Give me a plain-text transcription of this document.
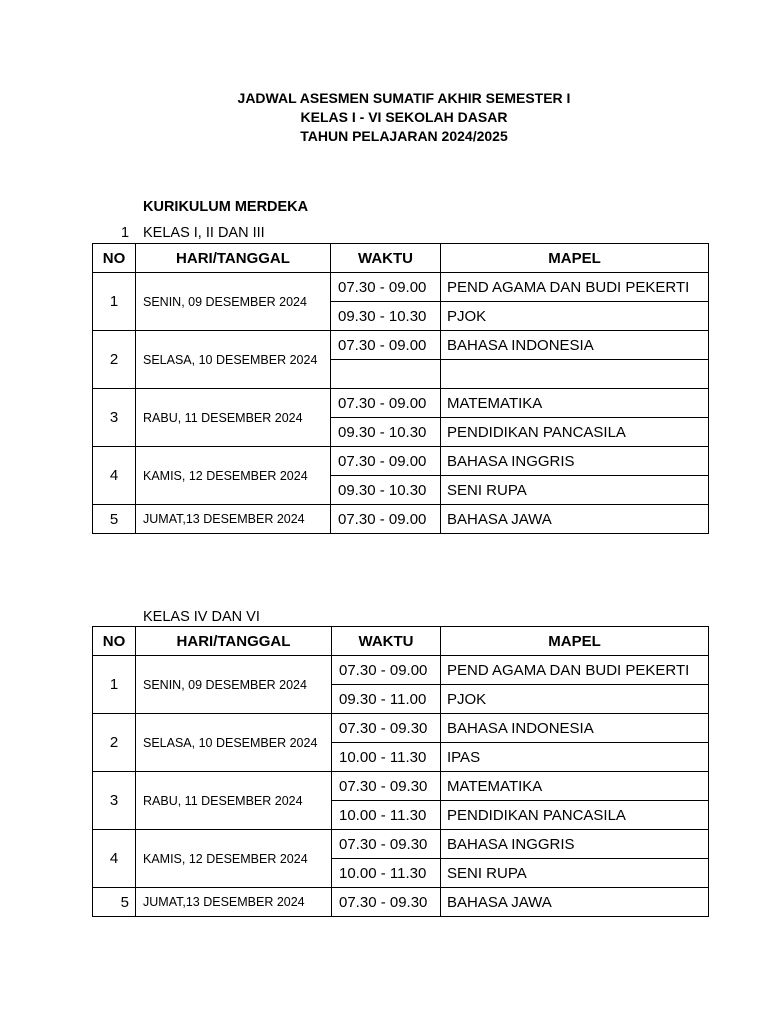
JADWAL ASESMEN SUMATIF AKHIR SEMESTER I
KELAS I - VI SEKOLAH DASAR
TAHUN PELAJARAN 2024/2025
KURIKULUM MERDEKA
1 KELAS I, II DAN III
NO	HARI/TANGGAL	WAKTU	MAPEL
1	SENIN, 09 DESEMBER 2024	07.30 - 09.00	PEND AGAMA DAN BUDI PEKERTI
		09.30 - 10.30	PJOK
2	SELASA, 10 DESEMBER 2024	07.30 - 09.00	BAHASA INDONESIA

3	RABU, 11 DESEMBER 2024	07.30 - 09.00	MATEMATIKA
		09.30 - 10.30	PENDIDIKAN PANCASILA
4	KAMIS, 12 DESEMBER 2024	07.30 - 09.00	BAHASA INGGRIS
		09.30 - 10.30	SENI RUPA
5	JUMAT,13 DESEMBER 2024	07.30 - 09.00	BAHASA JAWA
KELAS IV DAN VI
NO	HARI/TANGGAL	WAKTU	MAPEL
1	SENIN, 09 DESEMBER 2024	07.30 - 09.00	PEND AGAMA DAN BUDI PEKERTI
		09.30 - 11.00	PJOK
2	SELASA, 10 DESEMBER 2024	07.30 - 09.30	BAHASA INDONESIA
		10.00 - 11.30	IPAS
3	RABU, 11 DESEMBER 2024	07.30 - 09.30	MATEMATIKA
		10.00 - 11.30	PENDIDIKAN PANCASILA
4	KAMIS, 12 DESEMBER 2024	07.30 - 09.30	BAHASA INGGRIS
		10.00 - 11.30	SENI RUPA
5	JUMAT,13 DESEMBER 2024	07.30 - 09.30	BAHASA JAWA
